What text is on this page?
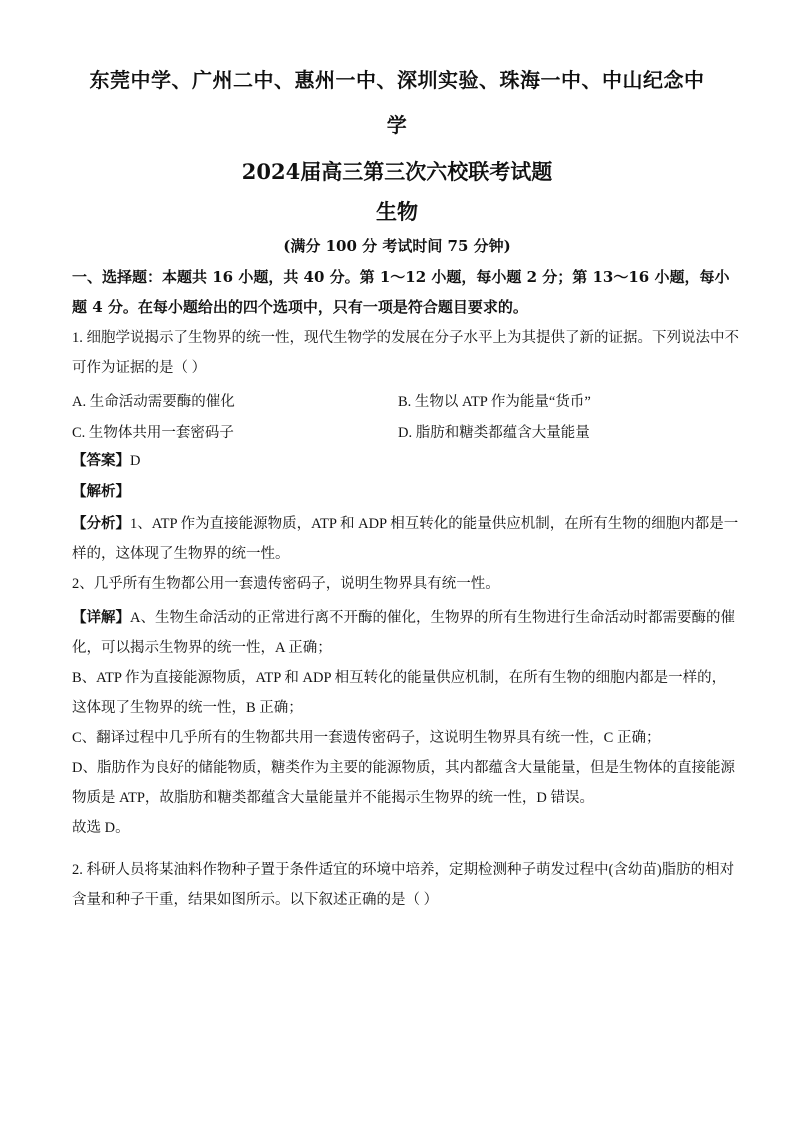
东莞中学、广州二中、惠州一中、深圳实验、珠海一中、中山纪念中
学
2024届高三第三次六校联考试题
生物
(满分 100 分 考试时间 75 分钟)
一、选择题：本题共 16 小题，共 40 分。第 1～12 小题，每小题 2 分；第 13～16 小题，每小
题 4 分。在每小题给出的四个选项中，只有一项是符合题目要求的。
1. 细胞学说揭示了生物界的统一性，现代生物学的发展在分子水平上为其提供了新的证据。下列说法中不
可作为证据的是（ ）
A. 生命活动需要酶的催化	B. 生物以 ATP 作为能量“货币”
C. 生物体共用一套密码子	D. 脂肪和糖类都蕴含大量能量
【答案】D
【解析】
【分析】1、ATP 作为直接能源物质，ATP 和 ADP 相互转化的能量供应机制，在所有生物的细胞内都是一
样的，这体现了生物界的统一性。
2、几乎所有生物都公用一套遗传密码子，说明生物界具有统一性。
【详解】A、生物生命活动的正常进行离不开酶的催化，生物界的所有生物进行生命活动时都需要酶的催
化，可以揭示生物界的统一性，A 正确；
B、ATP 作为直接能源物质，ATP 和 ADP 相互转化的能量供应机制，在所有生物的细胞内都是一样的，
这体现了生物界的统一性，B 正确；
C、翻译过程中几乎所有的生物都共用一套遗传密码子，这说明生物界具有统一性，C 正确；
D、脂肪作为良好的储能物质，糖类作为主要的能源物质，其内都蕴含大量能量，但是生物体的直接能源
物质是 ATP，故脂肪和糖类都蕴含大量能量并不能揭示生物界的统一性，D 错误。
故选 D。
2. 科研人员将某油料作物种子置于条件适宜的环境中培养，定期检测种子萌发过程中(含幼苗)脂肪的相对
含量和种子干重，结果如图所示。以下叙述正确的是（ ）
